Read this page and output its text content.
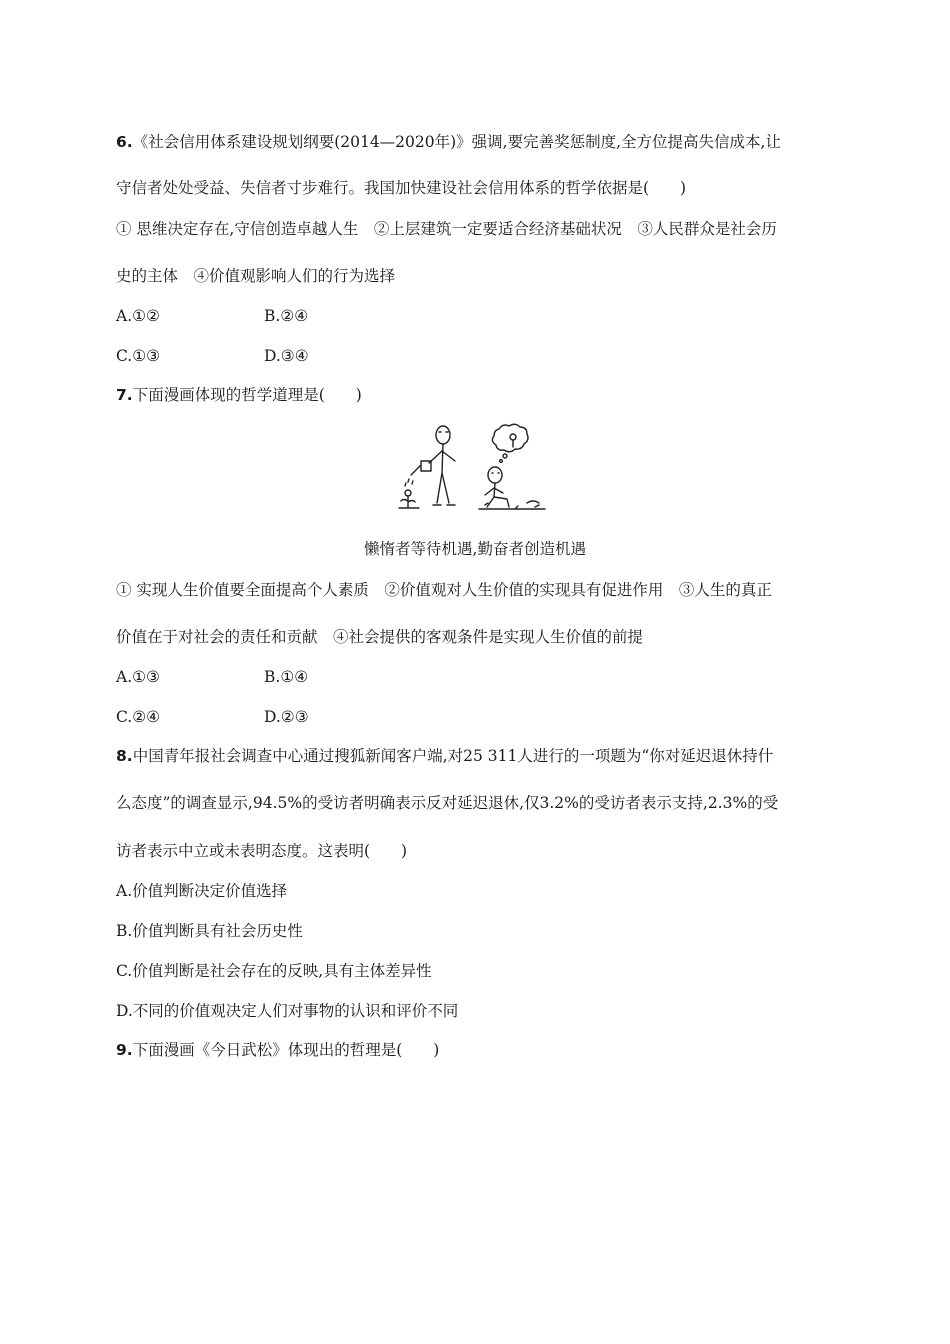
6.《社会信用体系建设规划纲要(2014—2020年)》强调,要完善奖惩制度,全方位提高失信成本,让
守信者处处受益、失信者寸步难行。我国加快建设社会信用体系的哲学依据是(　　)
① 思维决定存在,守信创造卓越人生　②上层建筑一定要适合经济基础状况　③人民群众是社会历
史的主体　④价值观影响人们的行为选择
A.①②	B.②④
C.①③	D.③④
7.下面漫画体现的哲学道理是(　　)
懒惰者等待机遇,勤奋者创造机遇
① 实现人生价值要全面提高个人素质　②价值观对人生价值的实现具有促进作用　③人生的真正
价值在于对社会的责任和贡献　④社会提供的客观条件是实现人生价值的前提
A.①③	B.①④
C.②④	D.②③
8.中国青年报社会调查中心通过搜狐新闻客户端,对25 311人进行的一项题为“你对延迟退休持什
么态度”的调查显示,94.5%的受访者明确表示反对延迟退休,仅3.2%的受访者表示支持,2.3%的受
访者表示中立或未表明态度。这表明(　　)
A.价值判断决定价值选择
B.价值判断具有社会历史性
C.价值判断是社会存在的反映,具有主体差异性
D.不同的价值观决定人们对事物的认识和评价不同
9.下面漫画《今日武松》体现出的哲理是(　　)
